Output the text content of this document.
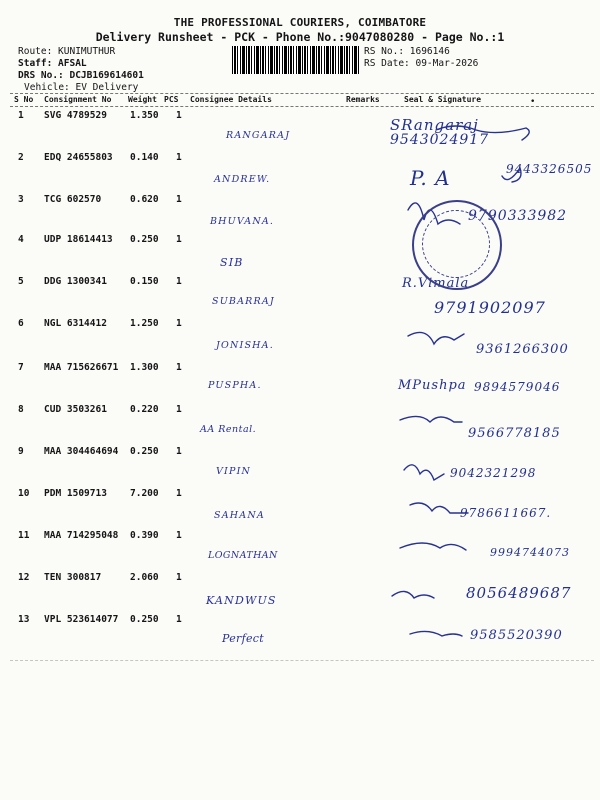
THE PROFESSIONAL COURIERS, COIMBATORE
Delivery Runsheet - PCK - Phone No.:9047080280 - Page No.:1
Route: KUNIMUTHUR
Staff: AFSAL
DRS No.: DCJB169614601
Vehicle: EV Delivery
RS No.: 1696146
RS Date: 09-Mar-2026
S No Consignment No Weight PCS Consignee Details	Remarks	Seal & Signature	•
1 SVG 4789529 1.350 1
RANGARAJ
SRangaraj
9543024917
2 EDQ 24655803 0.140 1
ANDREW.	P. A	9443326505
3 TCG 602570	0.620 1
BHUVANA.	9790333982
4 UDP 18614413 0.250 1
SIB
5 DDG 1300341 0.150 1
SUBARRAJ
R.Vimala
9791902097
6 NGL 6314412 1.250 1
JONISHA.	9361266300
7 MAA 715626671 1.300 1
PUSPHA.	MPushpa 9894579046
8 CUD 3503261 0.220 1
AA Rental.	9566778185
9 MAA 304464694 0.250 1
VIPIN	9042321298
10 PDM 1509713 7.200 1
SAHANA	9786611667.
11 MAA 714295048 0.390 1
LOGNATHAN	9994744073
12 TEN 300817	2.060 1
KANDWUS	8056489687
13 VPL 523614077 0.250 1
Perfect	9585520390
